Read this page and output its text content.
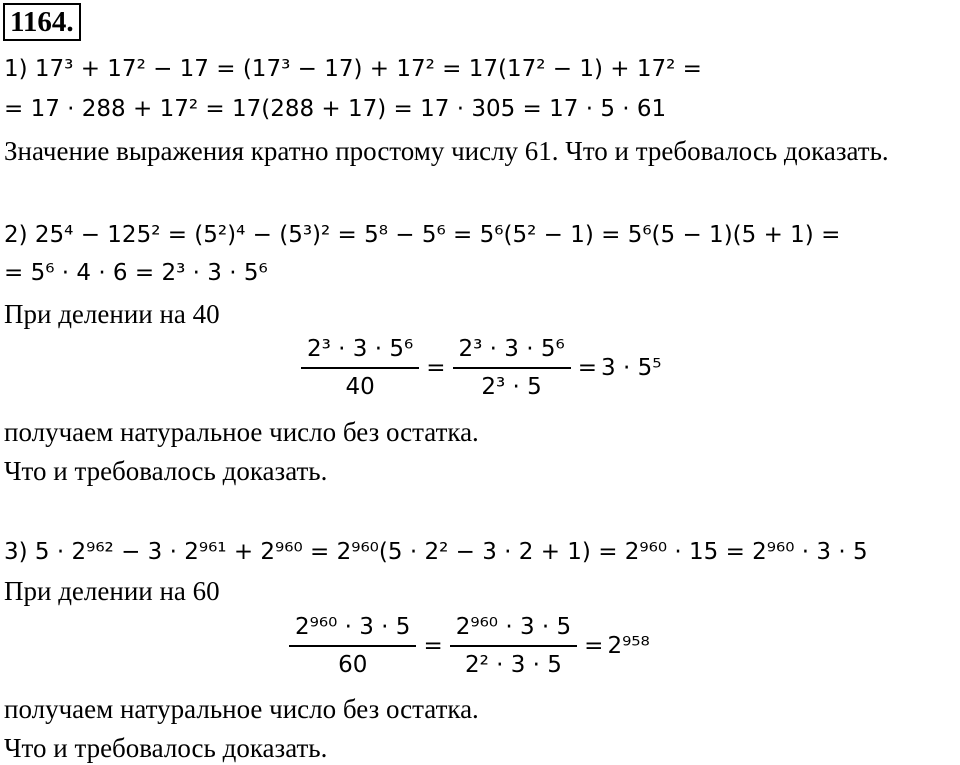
1164.
1) 17³ + 17² − 17 = (17³ − 17) + 17² = 17(17² − 1) + 17² =
= 17 · 288 + 17² = 17(288 + 17) = 17 · 305 = 17 · 5 · 61
Значение выражения кратно простому числу 61. Что и требовалось доказать.
2) 25⁴ − 125² = (5²)⁴ − (5³)² = 5⁸ − 5⁶ = 5⁶(5² − 1) = 5⁶(5 − 1)(5 + 1) =
= 5⁶ · 4 · 6 = 2³ · 3 · 5⁶
При делении на 40
$\frac{\text{2³ · 3 · 5⁶}}{40} = \frac{\text{2³ · 3 · 5⁶}}{\text{2³ · 5}} = 3 \cdot 5^5$
получаем натуральное число без остатка.
Что и требовалось доказать.
3) 5 · 2⁹⁶² − 3 · 2⁹⁶¹ + 2⁹⁶⁰ = 2⁹⁶⁰(5 · 2² − 3 · 2 + 1) = 2⁹⁶⁰ · 15 = 2⁹⁶⁰ · 3 · 5
При делении на 60
$\frac{\text{2⁹⁶⁰ · 3 · 5}}{60} = \frac{\text{2⁹⁶⁰ · 3 · 5}}{\text{2² · 3 · 5}} = 2^{958}$
получаем натуральное число без остатка.
Что и требовалось доказать.
